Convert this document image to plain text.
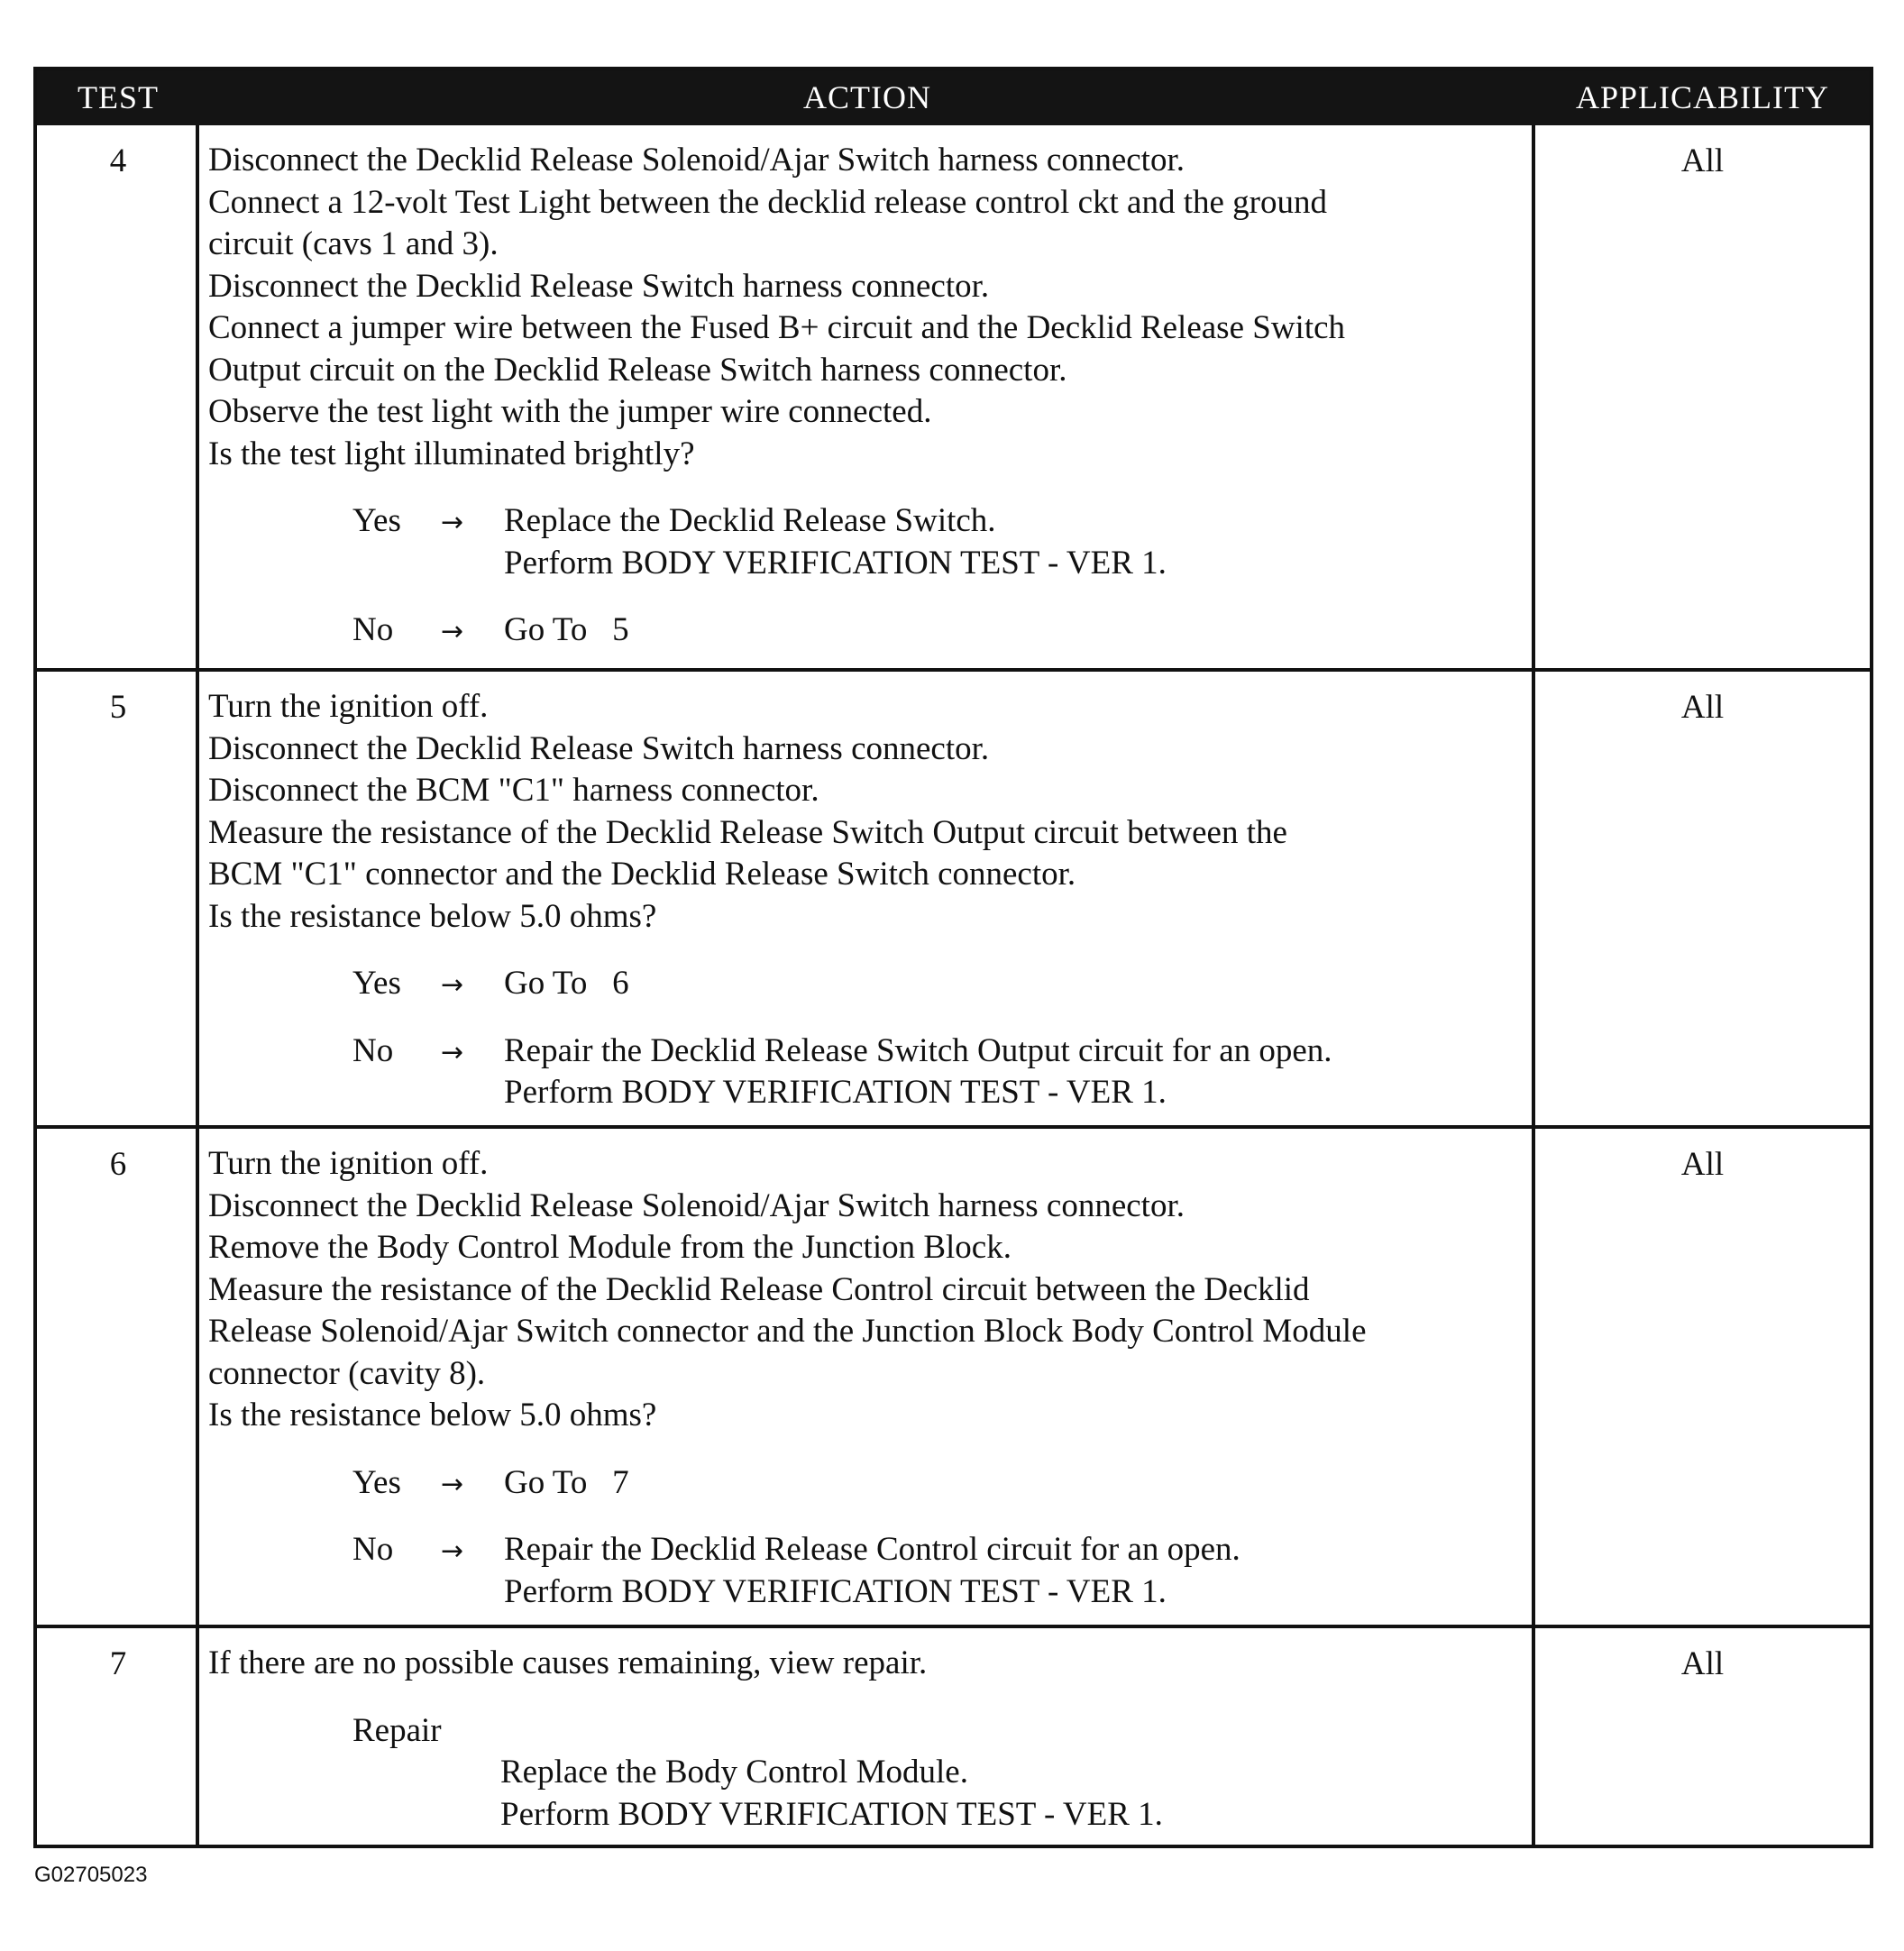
TEST	ACTION	APPLICABILITY
4	Disconnect the Decklid Release Solenoid/Ajar Switch harness connector.
Connect a 12-volt Test Light between the decklid release control ckt and the ground
circuit (cavs 1 and 3).
Disconnect the Decklid Release Switch harness connector.
Connect a jumper wire between the Fused B+ circuit and the Decklid Release Switch
Output circuit on the Decklid Release Switch harness connector.
Observe the test light with the jumper wire connected.
Is the test light illuminated brightly?
Yes → Replace the Decklid Release Switch.
Perform BODY VERIFICATION TEST - VER 1.
No → Go To   5
All
5	Turn the ignition off.
Disconnect the Decklid Release Switch harness connector.
Disconnect the BCM "C1" harness connector.
Measure the resistance of the Decklid Release Switch Output circuit between the
BCM "C1" connector and the Decklid Release Switch connector.
Is the resistance below 5.0 ohms?
Yes → Go To   6
No → Repair the Decklid Release Switch Output circuit for an open.
Perform BODY VERIFICATION TEST - VER 1.
All
6	Turn the ignition off.
Disconnect the Decklid Release Solenoid/Ajar Switch harness connector.
Remove the Body Control Module from the Junction Block.
Measure the resistance of the Decklid Release Control circuit between the Decklid
Release Solenoid/Ajar Switch connector and the Junction Block Body Control Module
connector (cavity 8).
Is the resistance below 5.0 ohms?
Yes → Go To   7
No → Repair the Decklid Release Control circuit for an open.
Perform BODY VERIFICATION TEST - VER 1.
All
7	If there are no possible causes remaining, view repair.
Repair
Replace the Body Control Module.
Perform BODY VERIFICATION TEST - VER 1.
All
G02705023
